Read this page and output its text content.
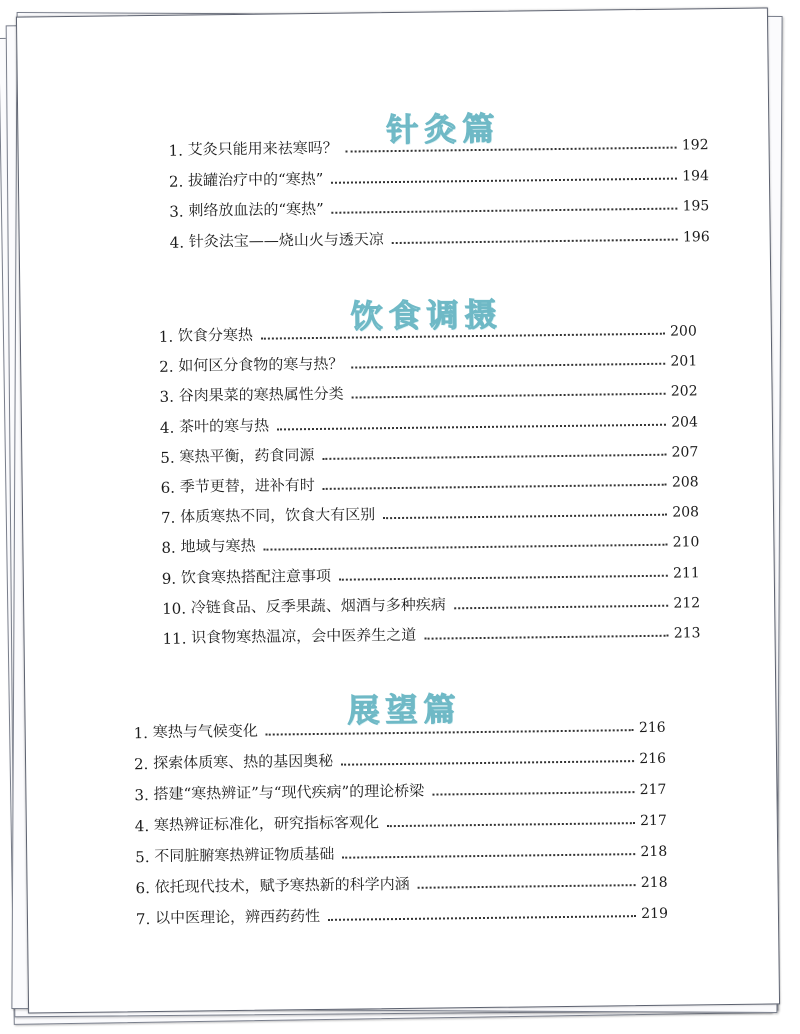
针灸篇
1. 艾灸只能用来祛寒吗？	192
2. 拔罐治疗中的“寒热”	194
3. 刺络放血法的“寒热”	195
4. 针灸法宝——烧山火与透天凉	196
饮食调摄
1. 饮食分寒热	200
2. 如何区分食物的寒与热？	201
3. 谷肉果菜的寒热属性分类	202
4. 茶叶的寒与热	204
5. 寒热平衡，药食同源	207
6. 季节更替，进补有时	208
7. 体质寒热不同，饮食大有区别	208
8. 地域与寒热	210
9. 饮食寒热搭配注意事项	211
10. 冷链食品、反季果蔬、烟酒与多种疾病	212
11. 识食物寒热温凉，会中医养生之道	213
展望篇
1. 寒热与气候变化	216
2. 探索体质寒、热的基因奥秘	216
3. 搭建“寒热辨证”与“现代疾病”的理论桥梁	217
4. 寒热辨证标准化，研究指标客观化	217
5. 不同脏腑寒热辨证物质基础	218
6. 依托现代技术，赋予寒热新的科学内涵	218
7. 以中医理论，辨西药药性	219
